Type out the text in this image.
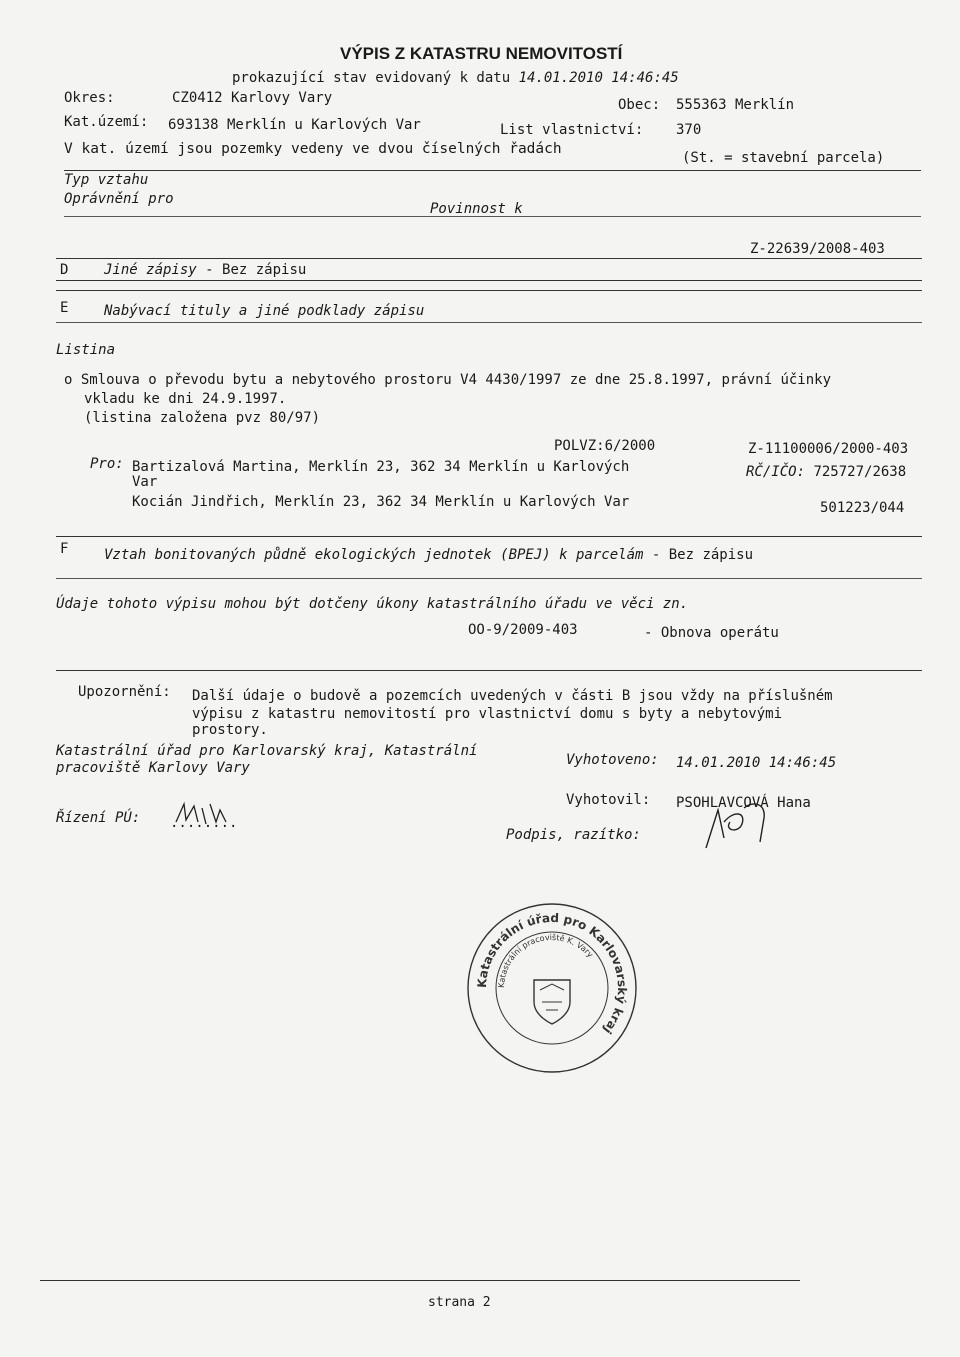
VÝPIS Z KATASTRU NEMOVITOSTÍ
prokazující stav evidovaný k datu 14.01.2010 14:46:45
Okres:	CZ0412 Karlovy Vary	Obec: 555363 Merklín
Kat.území: 693138 Merklín u Karlových Var	List vlastnictví: 370
V kat. území jsou pozemky vedeny ve dvou číselných řadách
(St. = stavební parcela)
Typ vztahu
Oprávnění pro
Povinnost k
Z-22639/2008-403
D	Jiné zápisy - Bez zápisu
E	Nabývací tituly a jiné podklady zápisu
Listina
o Smlouva o převodu bytu a nebytového prostoru V4 4430/1997 ze dne 25.8.1997, právní účinky
vkladu ke dni 24.9.1997.
(listina založena pvz 80/97)
POLVZ:6/2000	Z-11100006/2000-403
Pro: Bartizalová Martina, Merklín 23, 362 34 Merklín u Karlových
Var
RČ/IČO: 725727/2638
Kocián Jindřich, Merklín 23, 362 34 Merklín u Karlových Var	501223/044
F	Vztah bonitovaných půdně ekologických jednotek (BPEJ) k parcelám - Bez zápisu
Údaje tohoto výpisu mohou být dotčeny úkony katastrálního úřadu ve věci zn.
OO-9/2009-403	- Obnova operátu
Upozornění: Další údaje o budově a pozemcích uvedených v části B jsou vždy na příslušném
výpisu z katastru nemovitostí pro vlastnictví domu s byty a nebytovými
prostory.
Katastrální úřad pro Karlovarský kraj, Katastrální
pracoviště Karlovy Vary	Vyhotoveno: 14.01.2010 14:46:45
Vyhotovil: PSOHLAVCOVÁ Hana
Řízení PÚ: ........
Podpis, razítko:
Katastrální úřad pro Karlovarský kraj
Katastrální pracoviště K. Vary
strana 2
